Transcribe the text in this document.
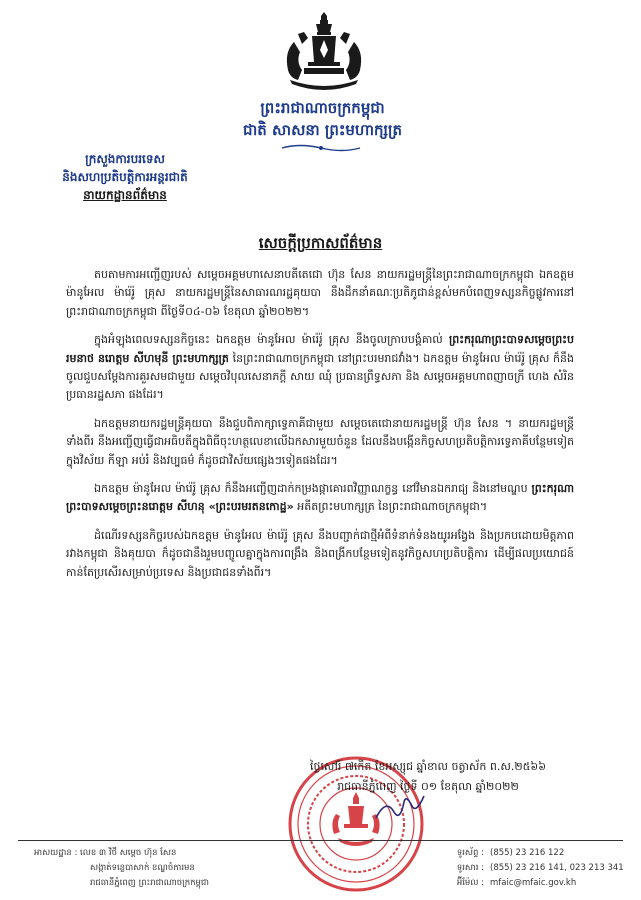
ព្រះរាជាណាចក្រកម្ពុជា
ជាតិ សាសនា ព្រះមហាក្សត្រ
ក្រសួងការបរទេស
និងសហប្រតិបត្តិការអន្តរជាតិ
នាយកដ្ឋានព័ត៌មាន
សេចក្តីប្រកាសព័ត៌មាន

តបតាមការអញ្ជើញរបស់ សម្តេចអគ្គមហាសេនាបតីតេជោ ហ៊ុន សែន នាយករដ្ឋមន្ត្រីនៃព្រះរាជាណាចក្រកម្ពុជា ឯកឧត្តម ម៉ានូអែល ម៉ារ៉េរ៉ូ គ្រុស នាយករដ្ឋមន្ត្រីនៃសាធារណរដ្ឋគុយបា នឹងដឹកនាំគណៈប្រតិភូជាន់ខ្ពស់មកបំពេញទស្សនកិច្ចផ្លូវការនៅព្រះរាជាណាចក្រកម្ពុជា ពីថ្ងៃទី០៤-០៦ ខែតុលា ឆ្នាំ២០២២។

ក្នុងអំឡុងពេលទស្សនកិច្ចនេះ ឯកឧត្តម ម៉ានូអែល ម៉ារ៉េរ៉ូ គ្រុស នឹងចូលក្រាបបង្គំគាល់ ព្រះករុណាព្រះបាទសម្តេចព្រះបរមនាថ នរោត្តម សីហមុនី ព្រះមហាក្សត្រ នៃព្រះរាជាណាចក្រកម្ពុជា នៅព្រះបរមរាជវាំង។ ឯកឧត្តម ម៉ានូអែល ម៉ារ៉េរ៉ូ គ្រុស ក៏នឹងចូលជួបសម្តែងការគួរសមជាមួយ សម្តេចវិបុលសេនាភក្តី សាយ ឈុំ ប្រធានព្រឹទ្ធសភា និង សម្តេចអគ្គមហាពញាចក្រី ហេង សំរិន ប្រធានរដ្ឋសភា ផងដែរ។

ឯកឧត្តមនាយករដ្ឋមន្ត្រីគុយបា នឹងជួបពិភាក្សាទ្វេភាគីជាមួយ សម្តេចតេជោនាយករដ្ឋមន្ត្រី ហ៊ុន សែន ។ នាយករដ្ឋមន្ត្រីទាំងពីរ នឹងអញ្ជើញធ្វើជាអធិបតីក្នុងពិធីចុះហត្ថលេខាលើឯកសារមួយចំនួន ដែលនឹងបង្កើនកិច្ចសហប្រតិបត្តិការទ្វេភាគីបន្ថែមទៀត ក្នុងវិស័យ កីឡា អប់រំ និងវប្បធម៌ ក៏ដូចជាវិស័យផ្សេងៗទៀតផងដែរ។

ឯកឧត្តម ម៉ានូអែល ម៉ារ៉េរ៉ូ គ្រុស ក៏នឹងអញ្ជើញដាក់កម្រងផ្កាគោរពវិញ្ញាណក្ខន្ធ នៅវិមានឯករាជ្យ និងនៅមណ្ឌប ព្រះករុណា ព្រះបាទសម្តេចព្រះនរោត្តម សីហនុ «ព្រះបរមរតនកោដ្ឋ» អតីតព្រះមហាក្សត្រ នៃព្រះរាជាណាចក្រកម្ពុជា។

ដំណើរទស្សនកិច្ចរបស់ឯកឧត្តម ម៉ានូអែល ម៉ារ៉េរ៉ូ គ្រុស នឹងបញ្ជាក់ជាថ្មីអំពីទំនាក់ទំនងយូរអង្វែង និងប្រកបដោយមិត្តភាពរវាងកម្ពុជា និងគុយបា ក៏ដូចជានឹងរួមបញ្ចូលគ្នាក្នុងការពង្រឹង និងពង្រីកបន្ថែមទៀតនូវកិច្ចសហប្រតិបត្តិការ ដើម្បីផលប្រយោជន៍កាន់តែប្រសើរសម្រាប់ប្រទេស និងប្រជាជនទាំងពីរ។

ថ្ងៃសៅរ៍ ៧កើត ខែអស្សុជ ឆ្នាំខាល ចត្វាស័ក ព.ស.២៥៦៦
រាជធានីភ្នំពេញ ថ្ងៃទី ០១ ខែតុលា ឆ្នាំ២០២២
អាសយដ្ឋាន : លេខ ៣ វិថី សម្តេច ហ៊ុន សែន
សង្កាត់ទន្លេបាសាក់ ខណ្ឌចំការមន
រាជធានីភ្នំពេញ ព្រះរាជាណាចក្រកម្ពុជា
ទូរស័ព្ទ : (855) 23 216 122
ទូរសារ : (855) 23 216 141, 023 213 341
អ៊ីម៉ែល : mfaic@mfaic.gov.kh
